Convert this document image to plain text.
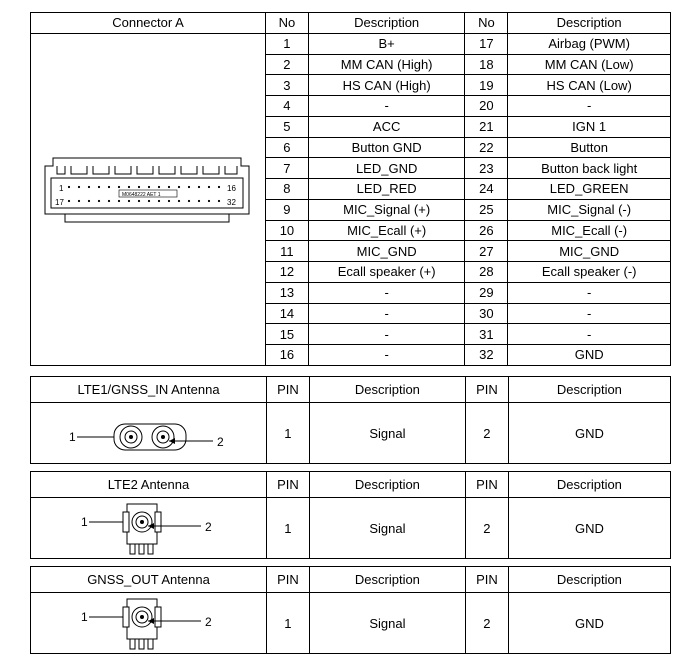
Connector A	No	Description	No	Description

1 16
17 32
M0648222 AET 1	1	B+	17	Airbag (PWM)
	2	MM CAN (High)	18	MM CAN (Low)
	3	HS CAN (High)	19	HS CAN (Low)
	4	-	20	-
	5	ACC	21	IGN 1
	6	Button GND	22	Button
	7	LED_GND	23	Button back light
	8	LED_RED	24	LED_GREEN
	9	MIC_Signal (+)	25	MIC_Signal (-)
	10	MIC_Ecall (+)	26	MIC_Ecall (-)
	11	MIC_GND	27	MIC_GND
	12	Ecall speaker (+)	28	Ecall speaker (-)
	13	-	29	-
	14	-	30	-
	15	-	31	-
	16	-	32	GND
LTE1/GNSS_IN Antenna	PIN	Description	PIN	Description

1 2	1	Signal	2	GND
LTE2 Antenna	PIN	Description	PIN	Description

1 2	1	Signal	2	GND
GNSS_OUT Antenna	PIN	Description	PIN	Description

1 2	1	Signal	2	GND
